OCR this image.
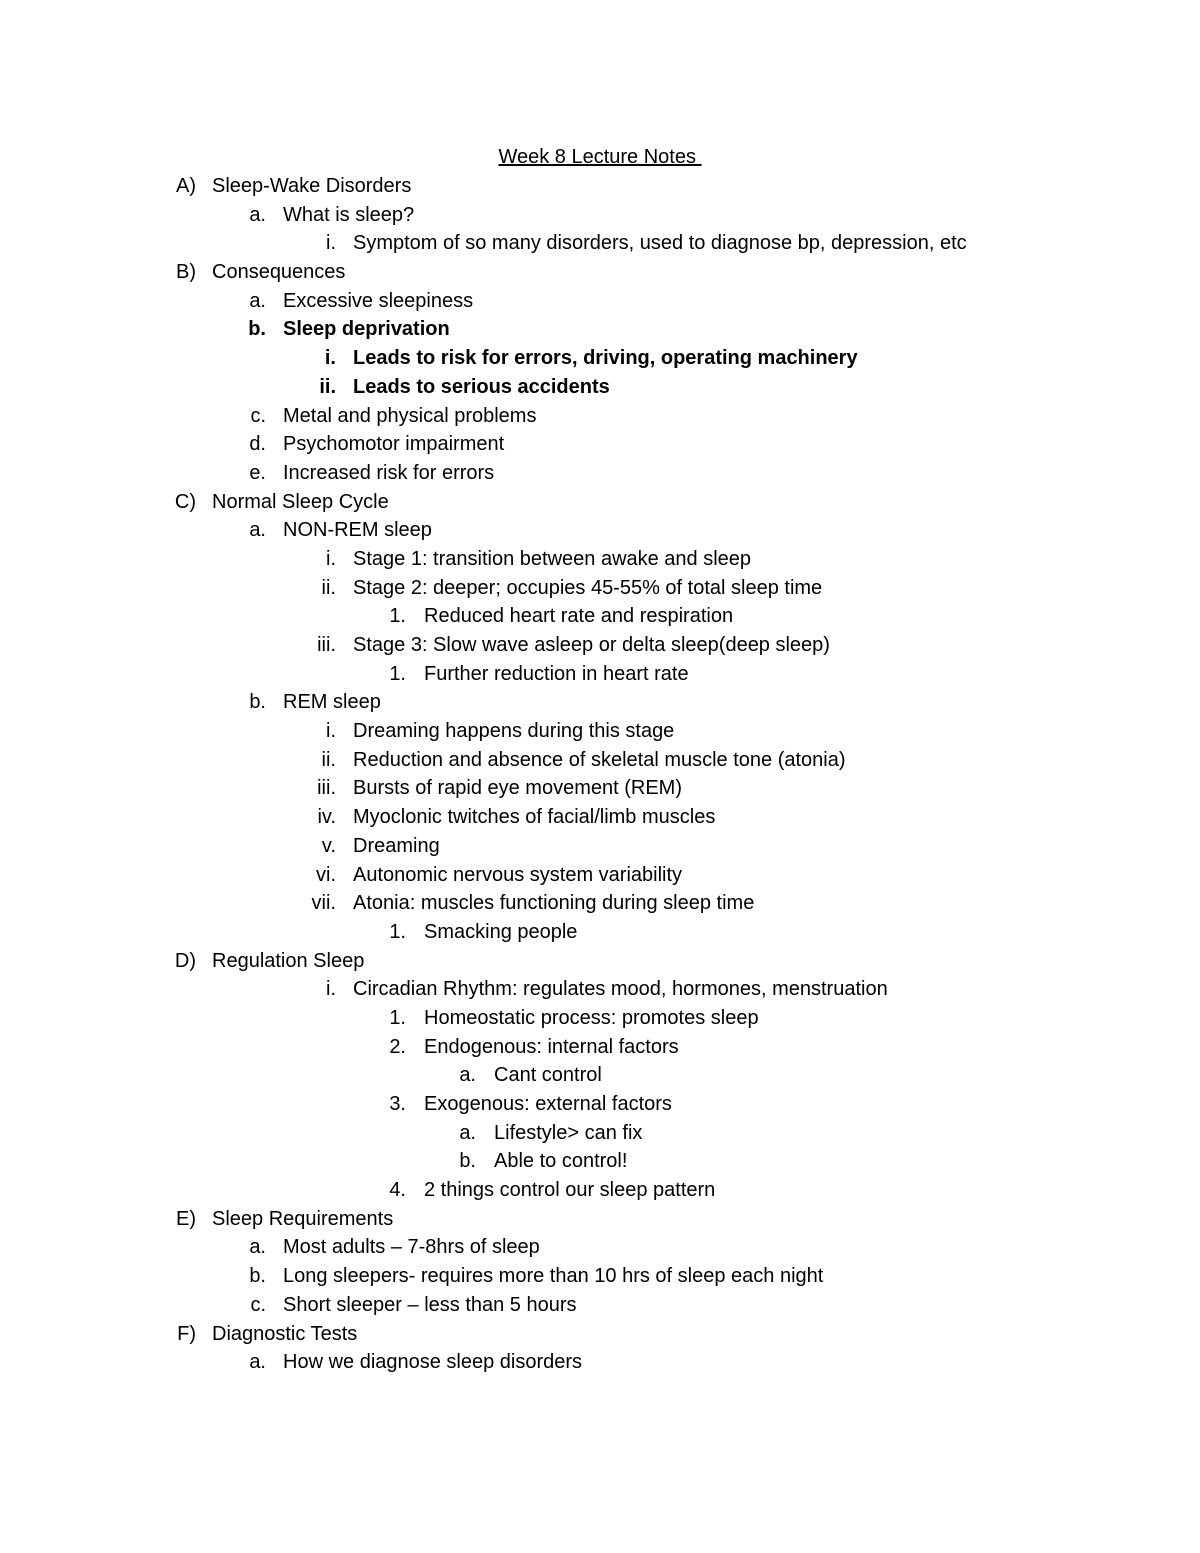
Week 8 Lecture Notes
A) Sleep-Wake Disorders
a. What is sleep?
i. Symptom of so many disorders, used to diagnose bp, depression, etc
B) Consequences
a. Excessive sleepiness
b. Sleep deprivation
i. Leads to risk for errors, driving, operating machinery
ii. Leads to serious accidents
c. Metal and physical problems
d. Psychomotor impairment
e. Increased risk for errors
C) Normal Sleep Cycle
a. NON-REM sleep
i. Stage 1: transition between awake and sleep
ii. Stage 2: deeper; occupies 45-55% of total sleep time
1. Reduced heart rate and respiration
iii. Stage 3: Slow wave asleep or delta sleep(deep sleep)
1. Further reduction in heart rate
b. REM sleep
i. Dreaming happens during this stage
ii. Reduction and absence of skeletal muscle tone (atonia)
iii. Bursts of rapid eye movement (REM)
iv. Myoclonic twitches of facial/limb muscles
v. Dreaming
vi. Autonomic nervous system variability
vii. Atonia: muscles functioning during sleep time
1. Smacking people
D) Regulation Sleep
i. Circadian Rhythm: regulates mood, hormones, menstruation
1. Homeostatic process: promotes sleep
2. Endogenous: internal factors
a. Cant control
3. Exogenous: external factors
a. Lifestyle> can fix
b. Able to control!
4. 2 things control our sleep pattern
E) Sleep Requirements
a. Most adults – 7-8hrs of sleep
b. Long sleepers- requires more than 10 hrs of sleep each night
c. Short sleeper – less than 5 hours
F) Diagnostic Tests
a. How we diagnose sleep disorders
